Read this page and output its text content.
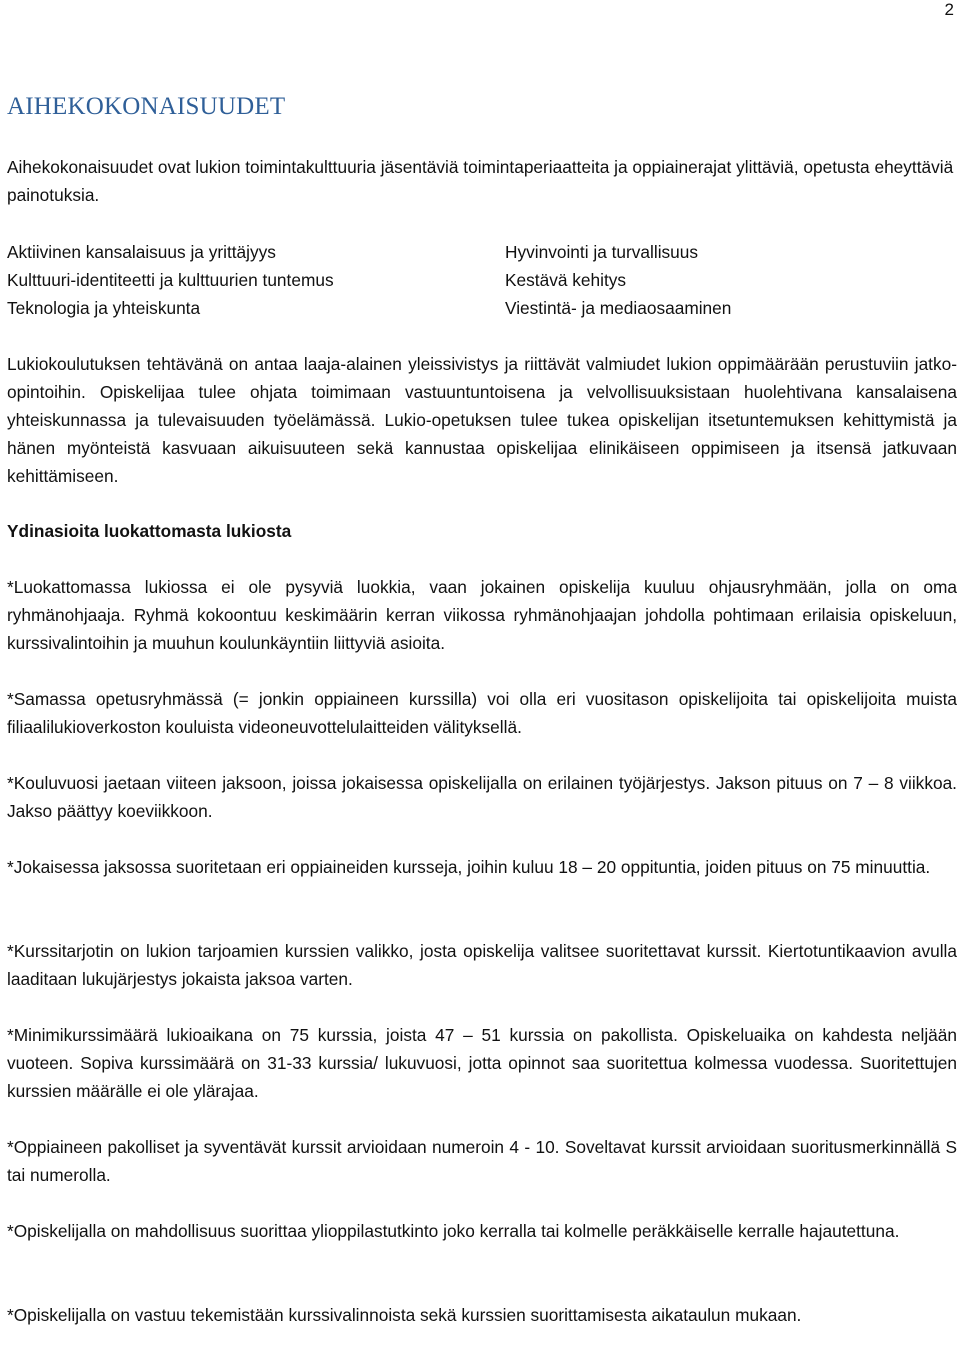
2
AIHEKOKONAISUUDET

Aihekokonaisuudet ovat lukion toimintakulttuuria jäsentäviä toimintaperiaatteita ja oppiainerajat ylittäviä, opetusta eheyttäviä painotuksia.

Aktiivinen kansalaisuus ja yrittäjyys
Kulttuuri-identiteetti ja kulttuurien tuntemus
Teknologia ja yhteiskunta
Hyvinvointi ja turvallisuus
Kestävä kehitys
Viestintä- ja mediaosaaminen

Lukiokoulutuksen tehtävänä on antaa laaja-alainen yleissivistys ja riittävät valmiudet lukion oppimäärään perustuviin jatko-opintoihin. Opiskelijaa tulee ohjata toimimaan vastuuntuntoisena ja velvollisuuksistaan huolehtivana kansalaisena yhteiskunnassa ja tulevaisuuden työelämässä. Lukio-opetuksen tulee tukea opiskelijan itsetuntemuksen kehittymistä ja hänen myönteistä kasvuaan aikuisuuteen sekä kannustaa opiskelijaa elinikäiseen oppimiseen ja itsensä jatkuvaan kehittämiseen.

Ydinasioita luokattomasta lukiosta

*Luokattomassa lukiossa ei ole pysyviä luokkia, vaan jokainen opiskelija kuuluu ohjausryhmään, jolla on oma ryhmänohjaaja. Ryhmä kokoontuu keskimäärin kerran viikossa ryhmänohjaajan johdolla pohtimaan erilaisia opiskeluun, kurssivalintoihin ja muuhun koulunkäyntiin liittyviä asioita.

*Samassa opetusryhmässä (= jonkin oppiaineen kurssilla) voi olla eri vuositason opiskelijoita tai opiskelijoita muista filiaalilukioverkoston kouluista videoneuvottelulaitteiden välityksellä.

*Kouluvuosi jaetaan viiteen jaksoon, joissa jokaisessa opiskelijalla on erilainen työjärjestys. Jakson pituus on 7 – 8 viikkoa. Jakso päättyy koeviikkoon.

*Jokaisessa jaksossa suoritetaan eri oppiaineiden kursseja, joihin kuluu 18 – 20 oppituntia, joiden pituus on 75 minuuttia.

*Kurssitarjotin on lukion tarjoamien kurssien valikko, josta opiskelija valitsee suoritettavat kurssit. Kiertotuntikaavion avulla laaditaan lukujärjestys jokaista jaksoa varten.

*Minimikurssimäärä lukioaikana on 75 kurssia, joista 47 – 51 kurssia on pakollista. Opiskeluaika on kahdesta neljään vuoteen. Sopiva kurssimäärä on 31-33 kurssia/ lukuvuosi, jotta opinnot saa suoritettua kolmessa vuodessa. Suoritettujen kurssien määrälle ei ole ylärajaa.

*Oppiaineen pakolliset ja syventävät kurssit arvioidaan numeroin 4 - 10. Soveltavat kurssit arvioidaan suoritusmerkinnällä S tai numerolla.

*Opiskelijalla on mahdollisuus suorittaa ylioppilastutkinto joko kerralla tai kolmelle peräkkäiselle kerralle hajautettuna.

*Opiskelijalla on vastuu tekemistään kurssivalinnoista sekä kurssien suorittamisesta aikataulun mukaan.
